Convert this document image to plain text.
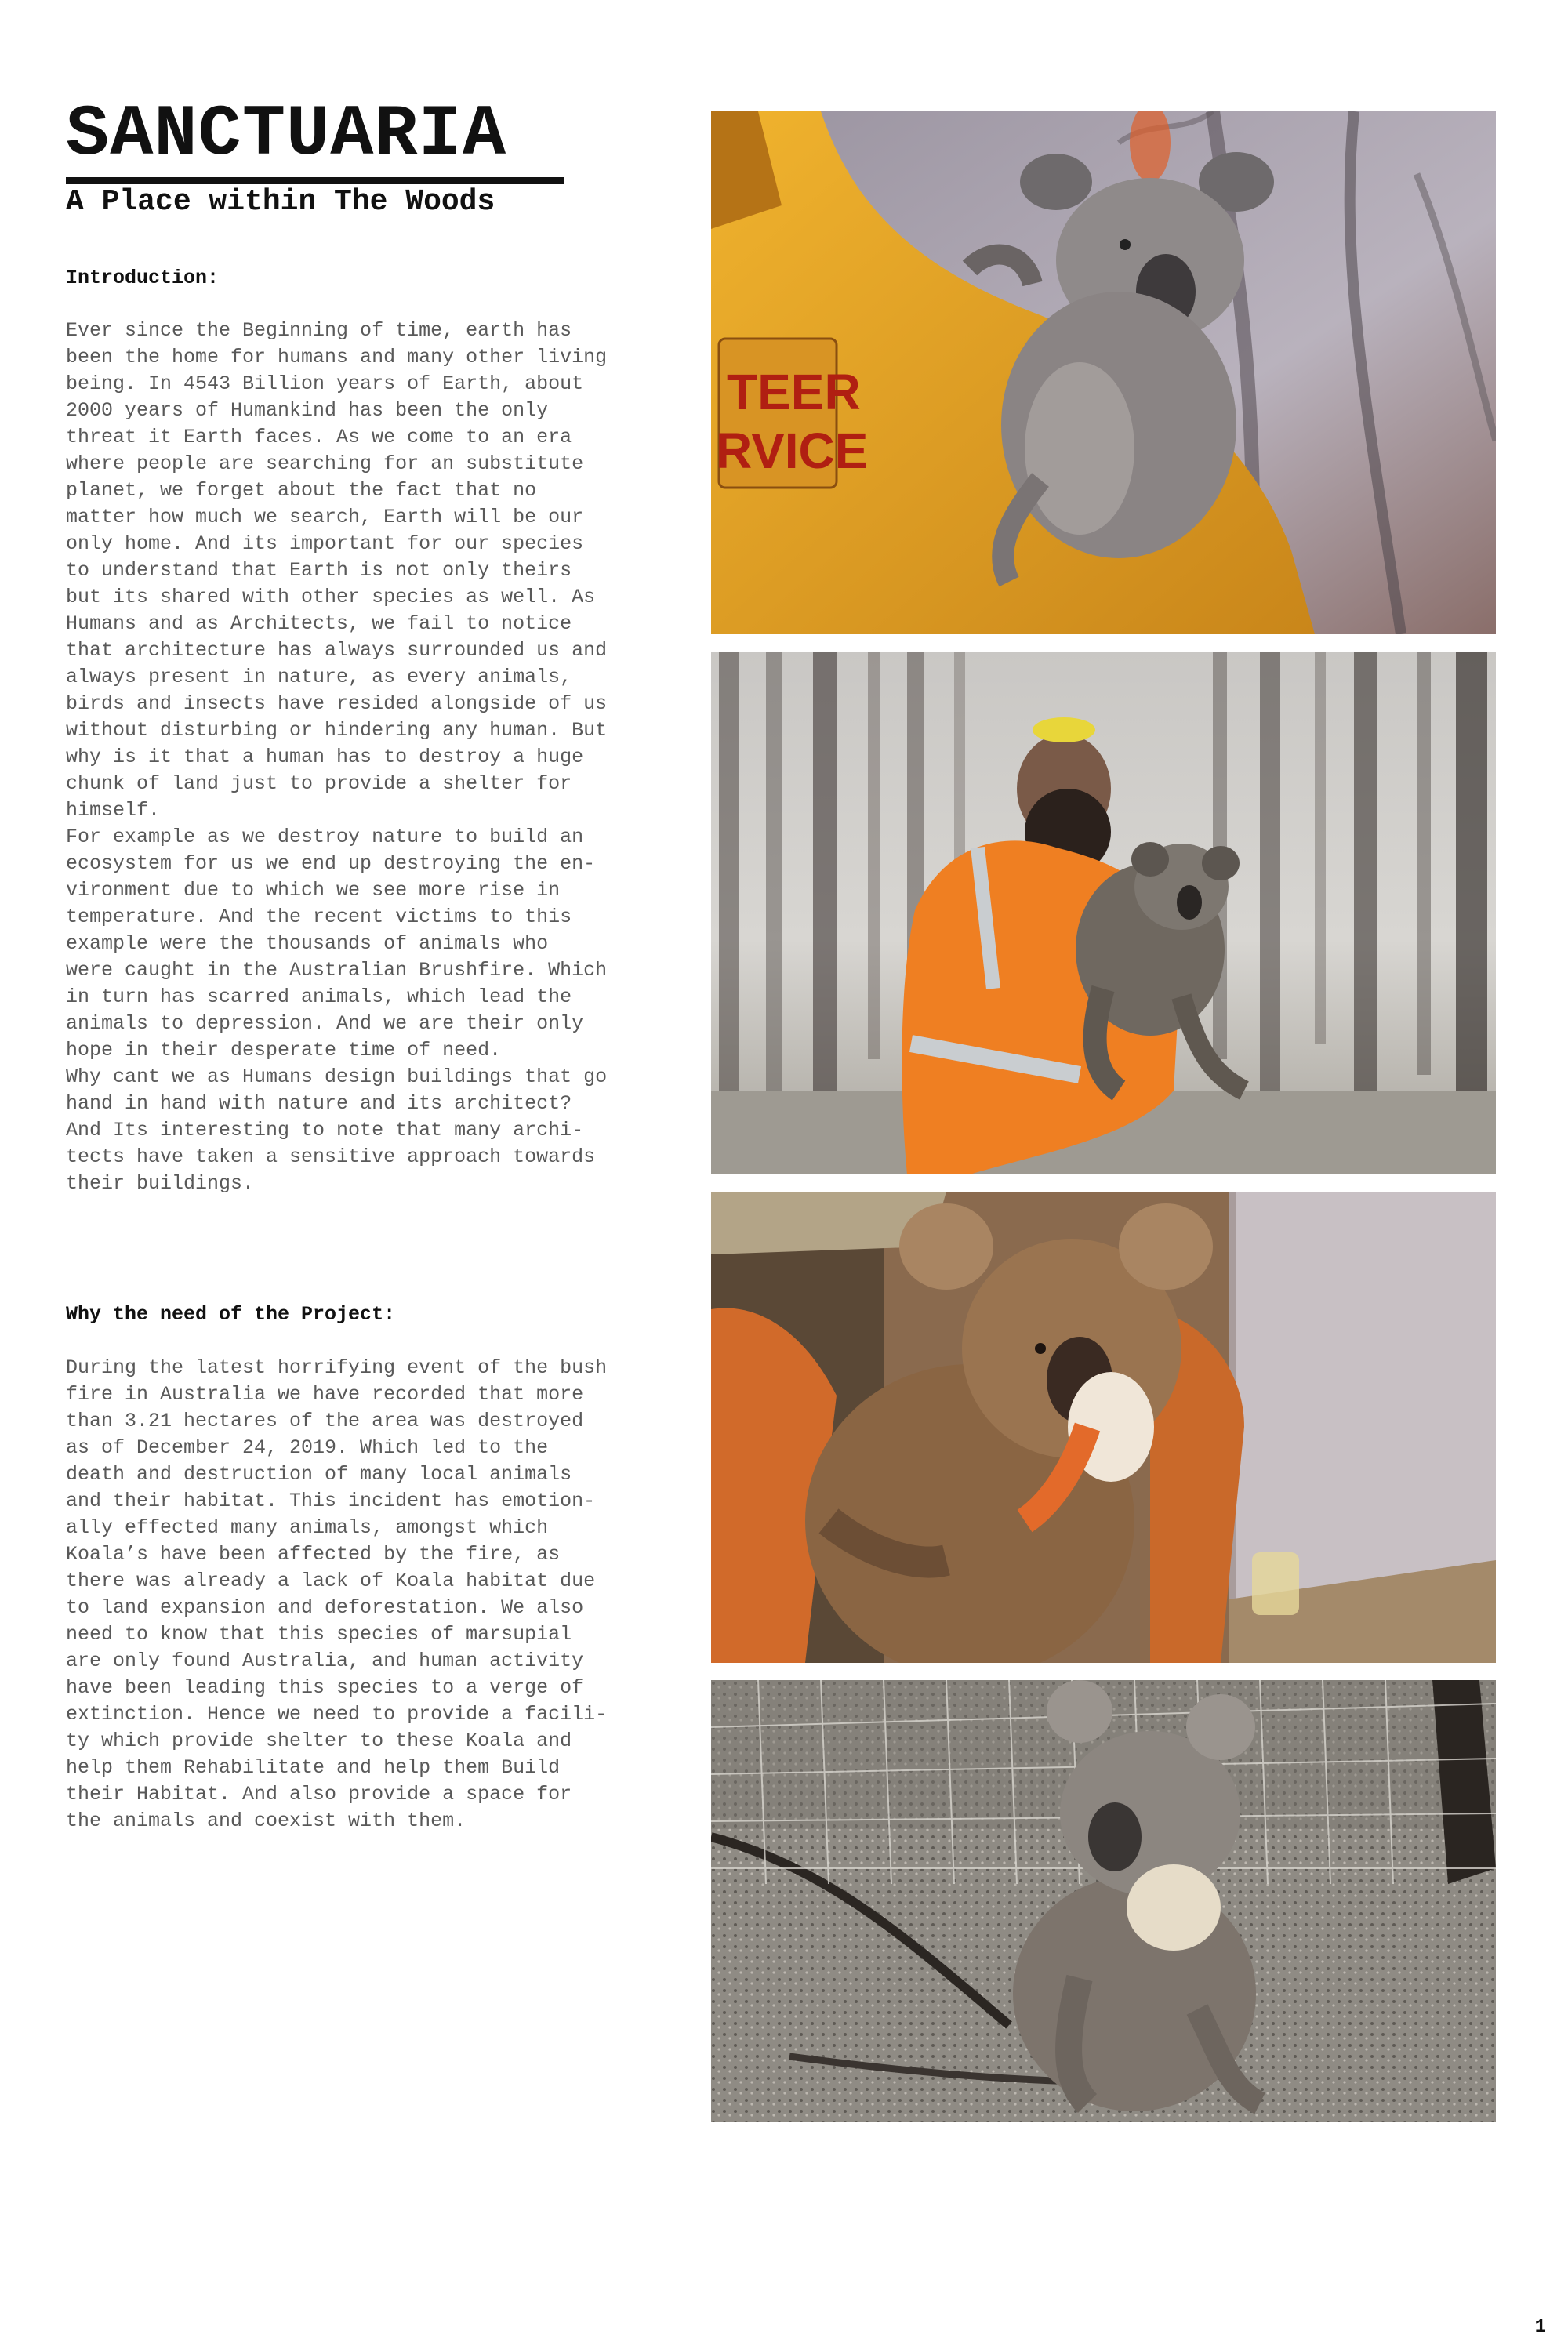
SANCTUARIA
A Place within The Woods
Introduction:

Ever since the Beginning of time, earth has
been the home for humans and many other living
being. In 4543 Billion years of Earth, about
2000 years of Humankind has been the only
threat it Earth faces. As we come to an era
where people are searching for an substitute
planet, we forget about the fact that no
matter how much we search, Earth will be our
only home. And its important for our species
to understand that Earth is not only theirs
but its shared with other species as well. As
Humans and as Architects, we fail to notice
that architecture has always surrounded us and
always present in nature, as every animals,
birds and insects have resided alongside of us
without disturbing or hindering any human. But
why is it that a human has to destroy a huge
chunk of land just to provide a shelter for
himself.
For example as we destroy nature to build an
ecosystem for us we end up destroying the en-
vironment due to which we see more rise in
temperature. And the recent victims to this
example were the thousands of animals who
were caught in the Australian Brushfire. Which
in turn has scarred animals, which lead the
animals to depression. And we are their only
hope in their desperate time of need.
Why cant we as Humans design buildings that go
hand in hand with nature and its architect?
And Its interesting to note that many archi-
tects have taken a sensitive approach towards
their buildings.

Why the need of the Project:

During the latest horrifying event of the bush
fire in Australia we have recorded that more
than 3.21 hectares of the area was destroyed
as of December 24, 2019. Which led to the
death and destruction of many local animals
and their habitat. This incident has emotion-
ally effected many animals, amongst which
Koala’s have been affected by the fire, as
there was already a lack of Koala habitat due
to land expansion and deforestation. We also
need to know that this species of marsupial
are only found Australia, and human activity
have been leading this species to a verge of
extinction. Hence we need to provide a facili-
ty which provide shelter to these Koala and
help them Rehabilitate and help them Build
their Habitat. And also provide a space for
the animals and coexist with them.

TEER
RVICE
1
